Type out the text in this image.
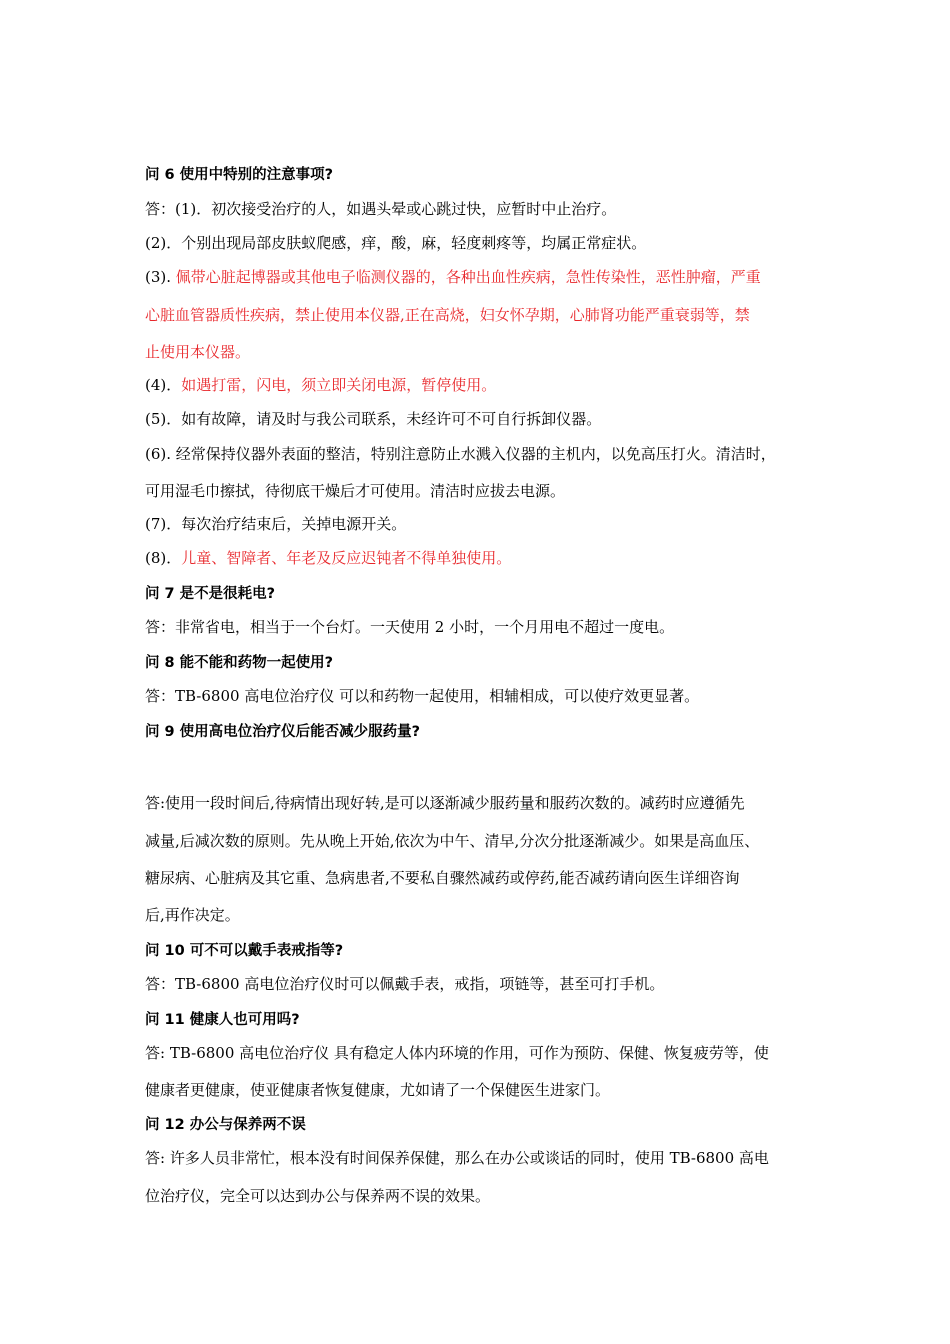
问 6 使用中特别的注意事项?
答：(1)．初次接受治疗的人，如遇头晕或心跳过快，应暂时中止治疗。
(2)．个别出现局部皮肤蚁爬感，痒，酸，麻，轻度刺疼等，均属正常症状。
(3). 佩带心脏起博器或其他电子临测仪器的，各种出血性疾病，急性传染性，恶性肿瘤，严重
心脏血管器质性疾病，禁止使用本仪器,正在高烧，妇女怀孕期，心肺肾功能严重衰弱等，禁
止使用本仪器。
(4)．如遇打雷，闪电，须立即关闭电源，暂停使用。
(5)．如有故障，请及时与我公司联系，未经许可不可自行拆卸仪器。
(6). 经常保持仪器外表面的整洁，特别注意防止水溅入仪器的主机内，以免高压打火。清洁时，
可用湿毛巾擦拭，待彻底干燥后才可使用。清洁时应拔去电源。
(7)．每次治疗结束后，关掉电源开关。
(8)．儿童、智障者、年老及反应迟钝者不得单独使用。
问 7 是不是很耗电?
答：非常省电，相当于一个台灯。一天使用 2 小时，一个月用电不超过一度电。
问 8 能不能和药物一起使用?
答：TB-6800 高电位治疗仪 可以和药物一起使用，相辅相成，可以使疗效更显著。
问 9 使用高电位治疗仪后能否减少服药量?
答:使用一段时间后,待病情出现好转,是可以逐渐减少服药量和服药次数的。减药时应遵循先
减量,后减次数的原则。先从晚上开始,依次为中午、清早,分次分批逐渐减少。如果是高血压、
糖尿病、心脏病及其它重、急病患者,不要私自骤然减药或停药,能否减药请向医生详细咨询
后,再作决定。
问 10 可不可以戴手表戒指等?
答：TB-6800 高电位治疗仪时可以佩戴手表，戒指，项链等，甚至可打手机。
问 11 健康人也可用吗?
答: TB-6800 高电位治疗仪 具有稳定人体内环境的作用，可作为预防、保健、恢复疲劳等，使
健康者更健康，使亚健康者恢复健康，尤如请了一个保健医生进家门。
问 12 办公与保养两不误
答: 许多人员非常忙，根本没有时间保养保健，那么在办公或谈话的同时，使用 TB-6800 高电
位治疗仪，完全可以达到办公与保养两不误的效果。
